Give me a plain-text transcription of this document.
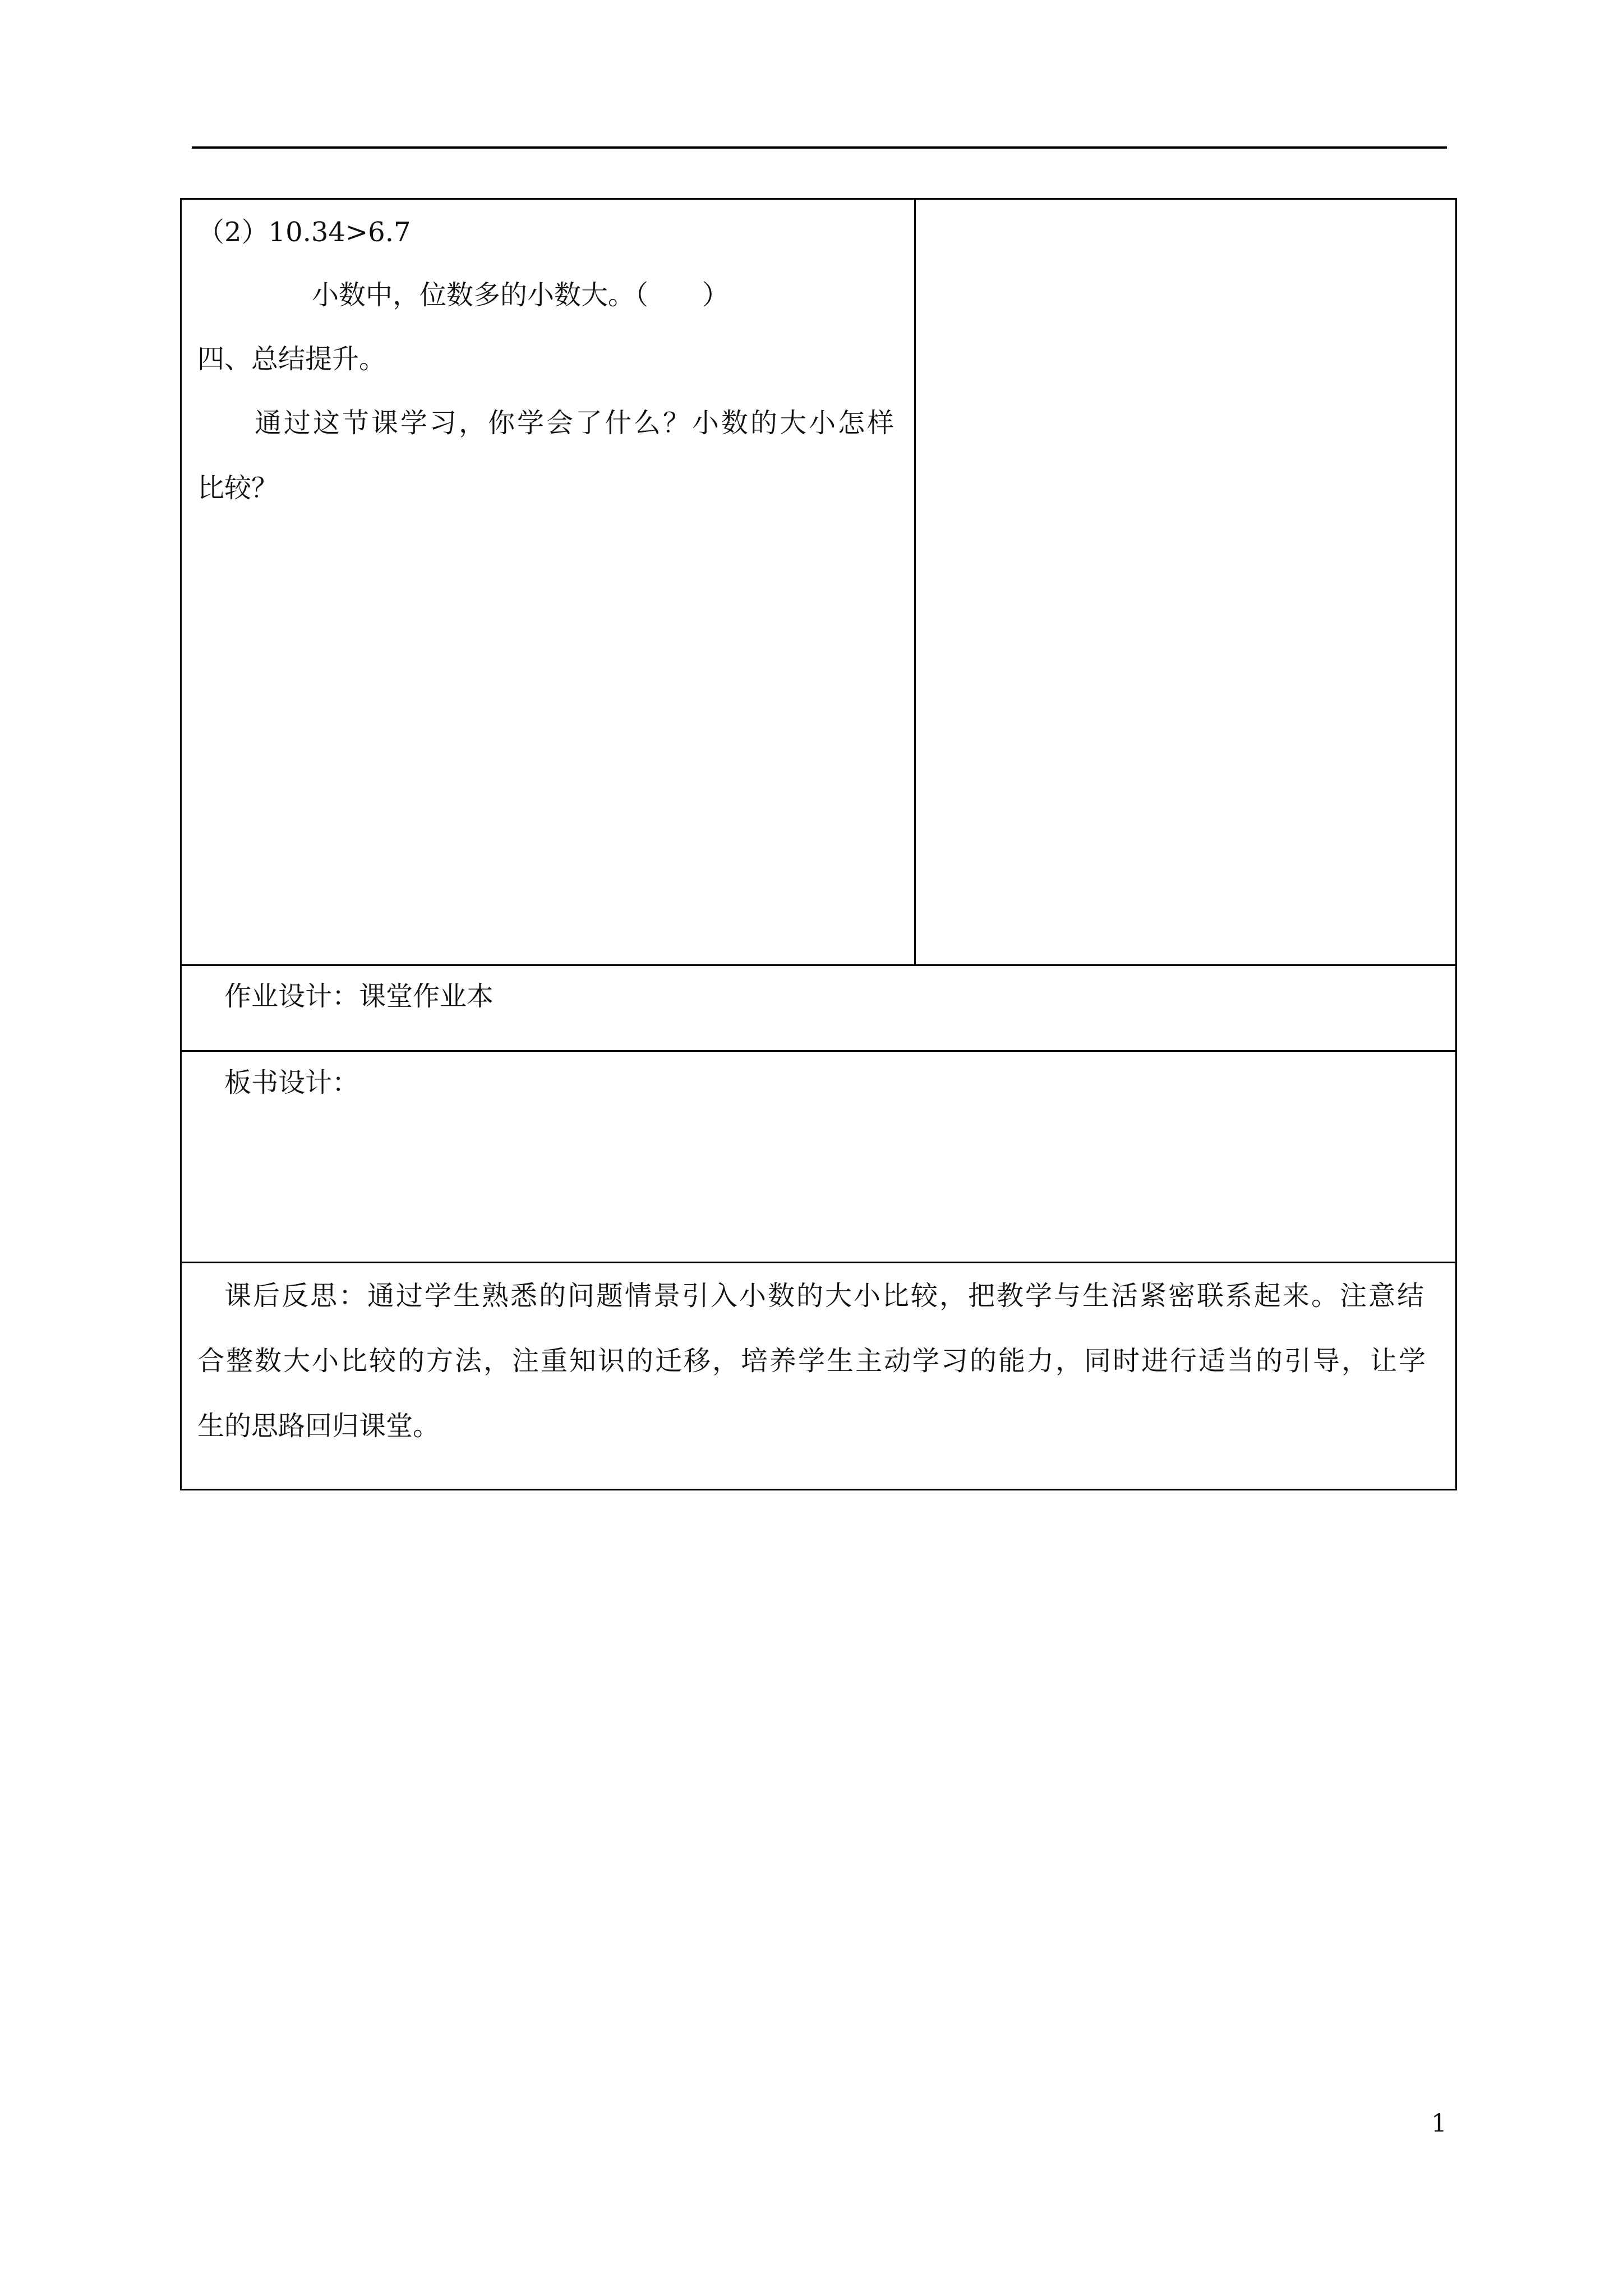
（2）10.34>6.7
小数中，位数多的小数大。（　　）
四、总结提升。
通过这节课学习，你学会了什么？小数的大小怎样
比较？
作业设计：课堂作业本
板书设计：
课后反思：通过学生熟悉的问题情景引入小数的大小比较，把教学与生活紧密联系起来。注意结
合整数大小比较的方法，注重知识的迁移，培养学生主动学习的能力，同时进行适当的引导，让学
生的思路回归课堂。
1
